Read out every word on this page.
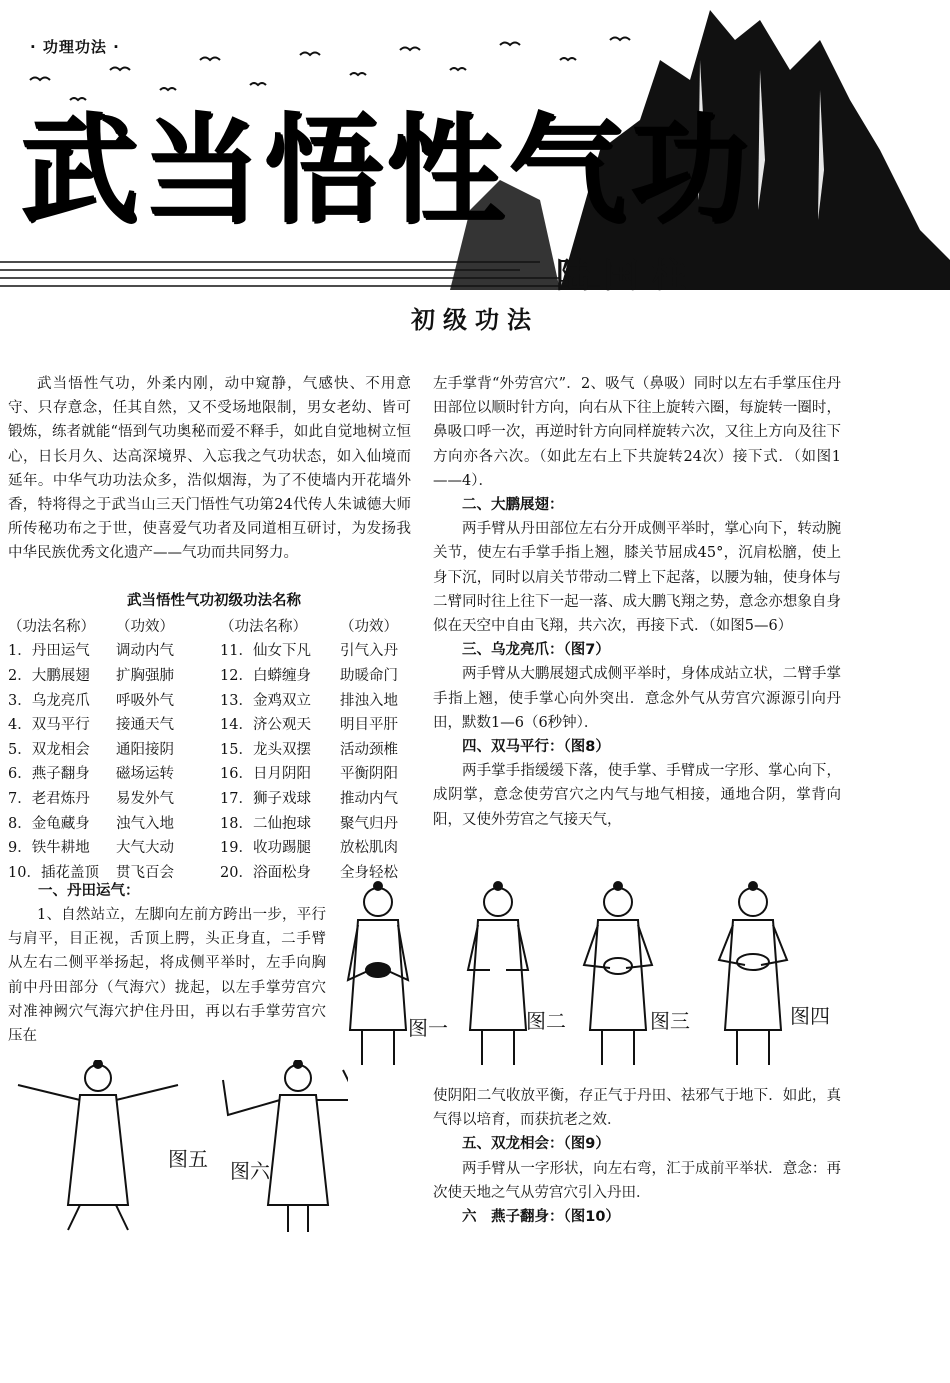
· 功理功法 ·
武当悟性气功
陆国柱
初级功法

武当悟性气功，外柔内刚，动中窥静，气感快、不用意守、只存意念，任其自然，又不受场地限制，男女老幼、皆可锻炼，练者就能“悟到气功奥秘而爱不释手，如此自觉地树立恒心，日长月久、达高深境界、入忘我之气功状态，如入仙境而延年。中华气功功法众多，浩似烟海，为了不使墙内开花墙外香，特将得之于武当山三天门悟性气功第24代传人朱诚德大师所传秘功布之于世，使喜爱气功者及同道相互研讨，为发扬我中华民族优秀文化遗产——气功而共同努力。

武当悟性气功初级功法名称
（功法名称）	（功效）	（功法名称）	（功效）
1．丹田运气	调动内气	11．仙女下凡	引气入丹
2．大鹏展翅	扩胸强肺	12．白蟒缠身	助暖命门
3．乌龙亮爪	呼吸外气	13．金鸡双立	排浊入地
4．双马平行	接通天气	14．济公观天	明目平肝
5．双龙相会	通阳接阴	15．龙头双摆	活动颈椎
6．燕子翻身	磁场运转	16．日月阴阳	平衡阴阳
7．老君炼丹	易发外气	17．狮子戏球	推动内气
8．金龟藏身	浊气入地	18．二仙抱球	聚气归丹
9．铁牛耕地	大气大动	19．收功踢腿	放松肌肉
10．插花盖顶	贯飞百会	20．浴面松身	全身轻松
一、丹田运气：

1、自然站立，左脚向左前方跨出一步，平行与肩平，目正视，舌顶上腭，头正身直，二手臂从左右二侧平举扬起，将成侧平举时，左手向胸前中丹田部分（气海穴）拢起，以左手掌劳宫穴对准神阙穴气海穴护住丹田，再以右手掌劳宫穴压在

左手掌背“外劳宫穴”．2、吸气（鼻吸）同时以左右手掌压住丹田部位以顺时针方向，向右从下往上旋转六圈，每旋转一圈时，鼻吸口呼一次，再逆时针方向同样旋转六次，又往上方向及往下方向亦各六次。（如此左右上下共旋转24次）接下式．（如图1——4）．

二、大鹏展翅：

两手臂从丹田部位左右分开成侧平举时，掌心向下，转动腕关节，使左右手掌手指上翘，膝关节屈成45°，沉肩松膪，使上身下沉，同时以肩关节带动二臂上下起落，以腰为轴，使身体与二臂同时往上往下一起一落、成大鹏飞翔之势，意念亦想象自身似在天空中自由飞翔，共六次，再接下式．（如图5—6）

三、乌龙亮爪：（图7）

两手臂从大鹏展翅式成侧平举时，身体成站立状，二臂手掌手指上翘，使手掌心向外突出．意念外气从劳宫穴源源引向丹田，默数1—6（6秒钟）．

四、双马平行：（图8）

两手掌手指缓缓下落，使手掌、手臂成一字形、掌心向下，成阴掌，意念使劳宫穴之内气与地气相接，通地合阴，掌背向阳，又使外劳宫之气接天气，

使阴阳二气收放平衡，存正气于丹田、祛邪气于地下．如此，真气得以培育，而获抗老之效．

五、双龙相会：（图9）

两手臂从一字形状，向左右弯，汇于成前平举状．意念：再次使天地之气从劳宫穴引入丹田．

六　燕子翻身：（图10）

图一	图二	图三	图四
图五 图六
